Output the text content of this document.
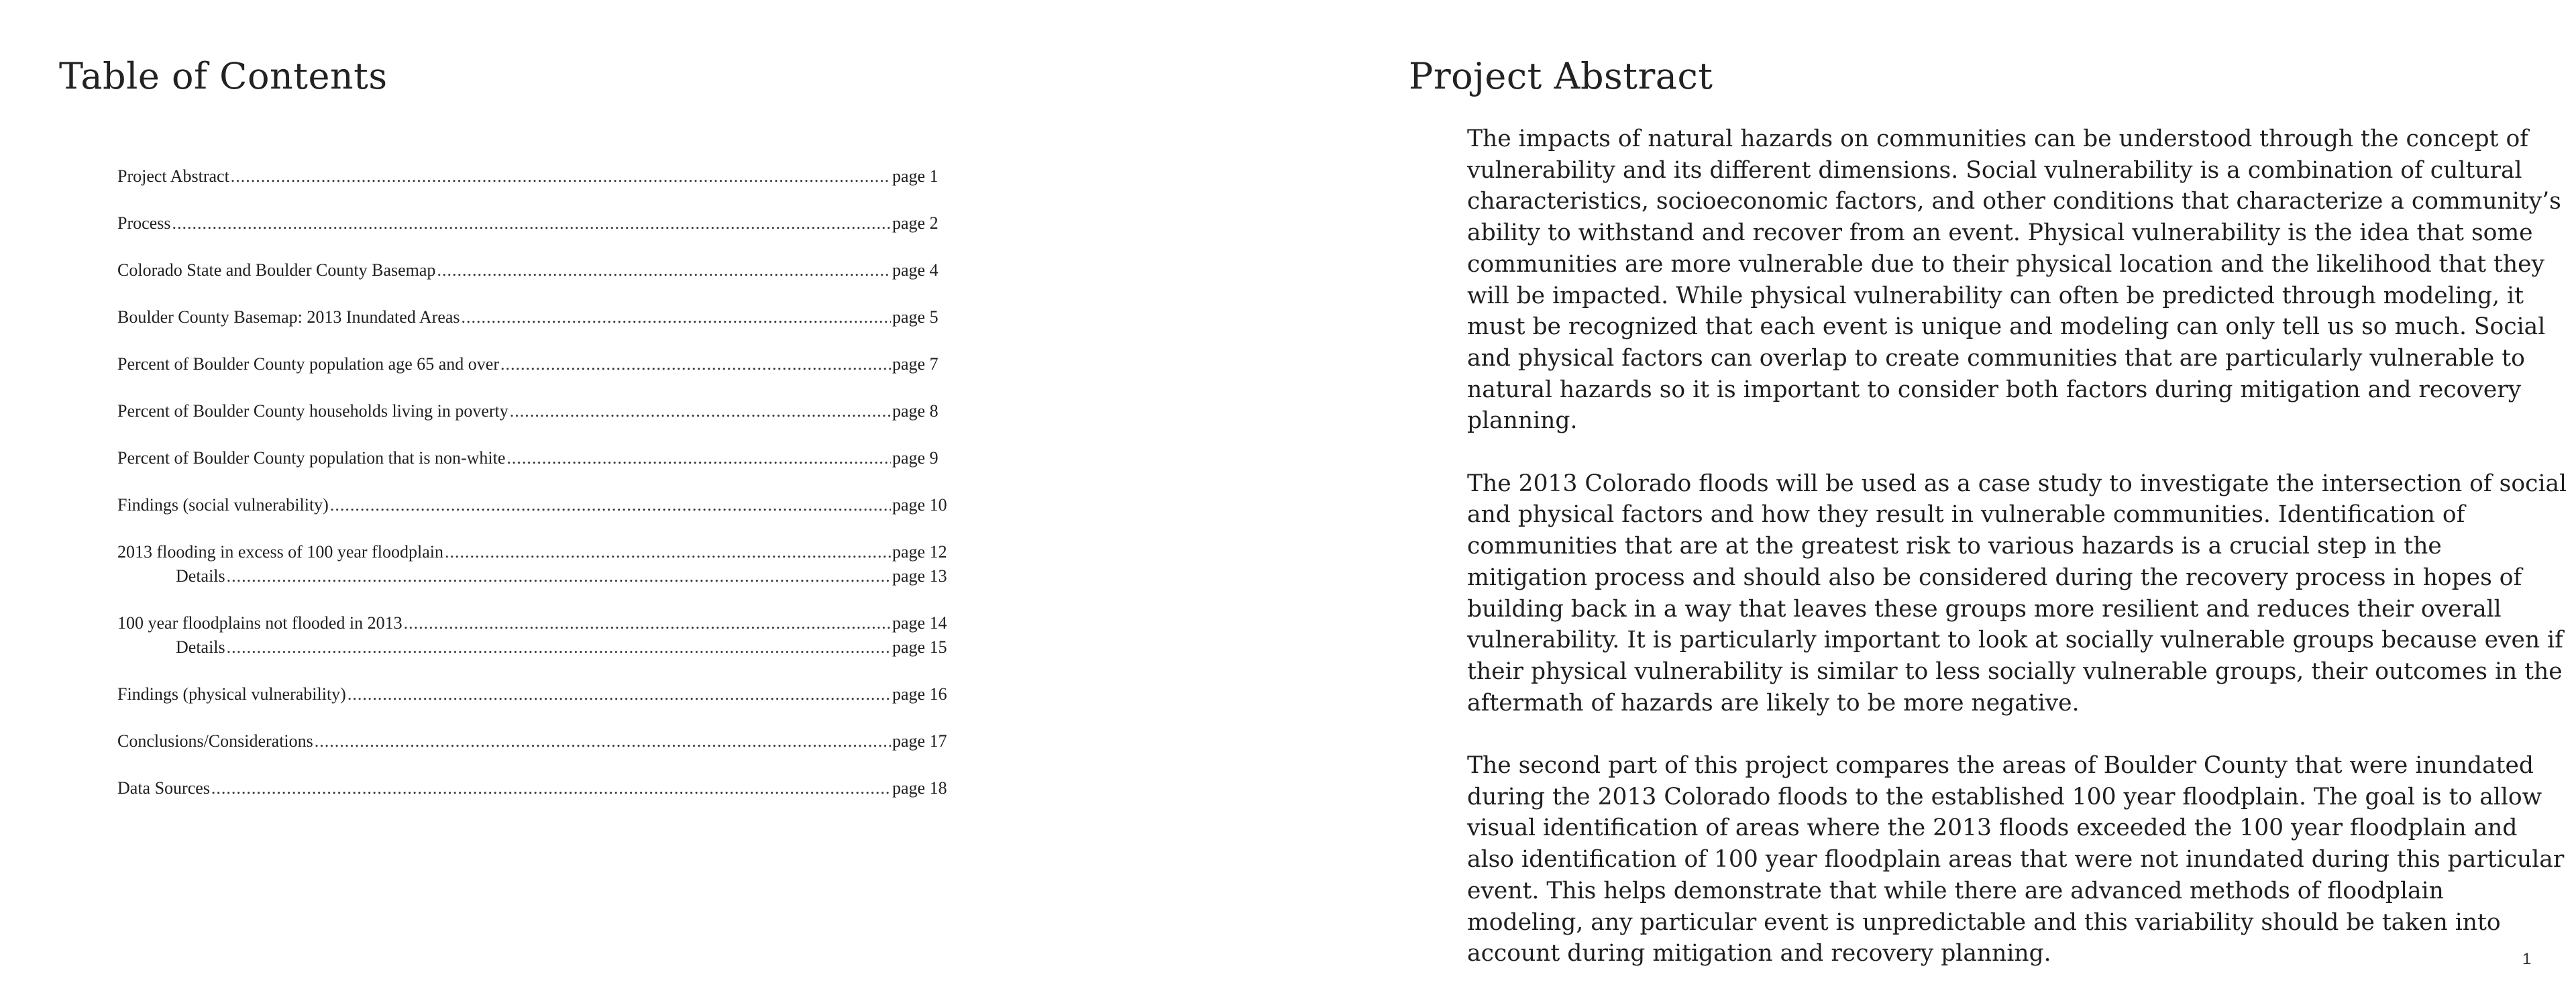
Table of Contents
Project Abstract .....	page 1
Process .....	page 2
Colorado State and Boulder County Basemap .....	page 4
Boulder County Basemap: 2013 Inundated Areas .....	page 5
Percent of Boulder County population age 65 and over .....	page 7
Percent of Boulder County households living in poverty .....	page 8
Percent of Boulder County population that is non-white .....	page 9
Findings (social vulnerability) .....	page 10
2013 flooding in excess of 100 year floodplain .....	page 12
Details .....	page 13
100 year floodplains not flooded in 2013 .....	page 14
Details .....	page 15
Findings (physical vulnerability) .....	page 16
Conclusions/Considerations .....	page 17
Data Sources .....	page 18
Project Abstract

The impacts of natural hazards on communities can be understood through the concept of vulnerability and its different dimensions. Social vulnerability is a combination of cultural characteristics, socioeconomic factors, and other conditions that characterize a community’s ability to withstand and recover from an event. Physical vulnerability is the idea that some communities are more vulnerable due to their physical location and the likelihood that they will be impacted. While physical vulnerability can often be predicted through modeling, it must be recognized that each event is unique and modeling can only tell us so much. Social and physical factors can overlap to create communities that are particularly vulnerable to natural hazards so it is important to consider both factors during mitigation and recovery planning.

The 2013 Colorado floods will be used as a case study to investigate the intersection of social and physical factors and how they result in vulnerable communities. Identification of communities that are at the greatest risk to various hazards is a crucial step in the mitigation process and should also be considered during the recovery process in hopes of building back in a way that leaves these groups more resilient and reduces their overall vulnerability. It is particularly important to look at socially vulnerable groups because even if their physical vulnerability is similar to less socially vulnerable groups, their outcomes in the aftermath of hazards are likely to be more negative.

The second part of this project compares the areas of Boulder County that were inundated during the 2013 Colorado floods to the established 100 year floodplain. The goal is to allow visual identification of areas where the 2013 floods exceeded the 100 year floodplain and also identification of 100 year floodplain areas that were not inundated during this particular event. This helps demonstrate that while there are advanced methods of floodplain modeling, any particular event is unpredictable and this variability should be taken into account during mitigation and recovery planning.	1
